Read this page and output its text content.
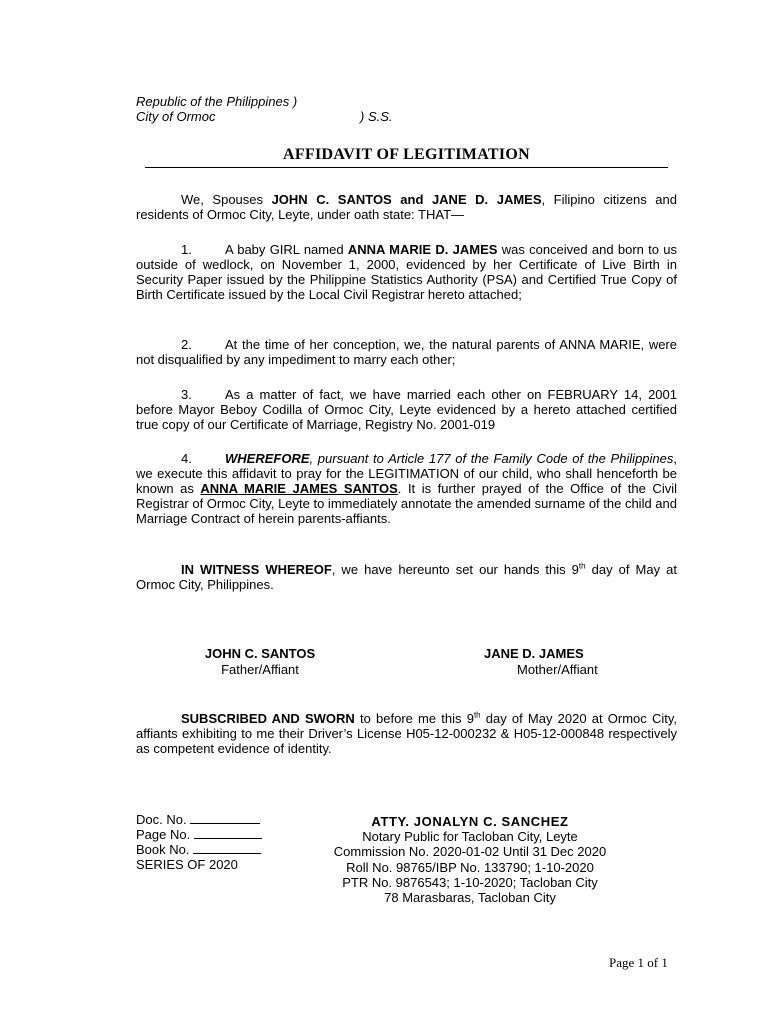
Republic of the Philippines )
City of Ormoc	) S.S.
AFFIDAVIT OF LEGITIMATION
We, Spouses JOHN C. SANTOS and JANE D. JAMES, Filipino citizens and residents of Ormoc City, Leyte, under oath state: THAT—
1.	A baby GIRL named ANNA MARIE D. JAMES was conceived and born to us outside of wedlock, on November 1, 2000, evidenced by her Certificate of Live Birth in Security Paper issued by the Philippine Statistics Authority (PSA) and Certified True Copy of Birth Certificate issued by the Local Civil Registrar hereto attached;
2.	At the time of her conception, we, the natural parents of ANNA MARIE, were not disqualified by any impediment to marry each other;
3.	As a matter of fact, we have married each other on FEBRUARY 14, 2001 before Mayor Beboy Codilla of Ormoc City, Leyte evidenced by a hereto attached certified true copy of our Certificate of Marriage, Registry No. 2001-019
4.	WHEREFORE, pursuant to Article 177 of the Family Code of the Philippines, we execute this affidavit to pray for the LEGITIMATION of our child, who shall henceforth be known as ANNA MARIE JAMES SANTOS. It is further prayed of the Office of the Civil Registrar of Ormoc City, Leyte to immediately annotate the amended surname of the child and Marriage Contract of herein parents-affiants.
IN WITNESS WHEREOF, we have hereunto set our hands this 9th day of May at Ormoc City, Philippines.
JOHN C. SANTOS
Father/Affiant
JANE D. JAMES
Mother/Affiant
SUBSCRIBED AND SWORN to before me this 9th day of May 2020 at Ormoc City, affiants exhibiting to me their Driver’s License H05-12-000232 & H05-12-000848 respectively as competent evidence of identity.
Doc. No.
Page No.
Book No.
SERIES OF 2020
ATTY. JONALYN C. SANCHEZ
Notary Public for Tacloban City, Leyte
Commission No. 2020-01-02 Until 31 Dec 2020
Roll No. 98765/IBP No. 133790; 1-10-2020
PTR No. 9876543; 1-10-2020; Tacloban City
78 Marasbaras, Tacloban City
Page 1 of 1
